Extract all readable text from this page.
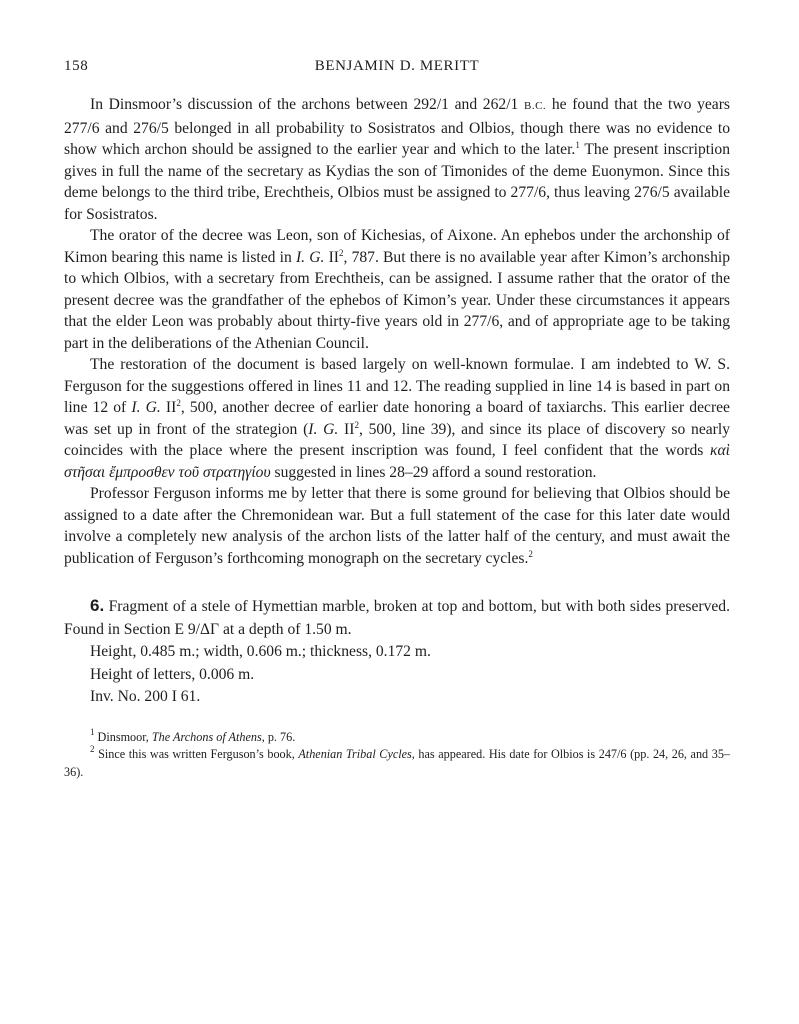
158	BENJAMIN D. MERITT

In Dinsmoor’s discussion of the archons between 292/1 and 262/1 B.C. he found that the two years 277/6 and 276/5 belonged in all probability to Sosistratos and Olbios, though there was no evidence to show which archon should be assigned to the earlier year and which to the later.$^1$ The present inscription gives in full the name of the secretary as Kydias the son of Timonides of the deme Euonymon. Since this deme belongs to the third tribe, Erechtheis, Olbios must be assigned to 277/6, thus leaving 276/5 available for Sosistratos.

The orator of the decree was Leon, son of Kichesias, of Aixone. An ephebos under the archonship of Kimon bearing this name is listed in I. G. $II^2$, 787. But there is no available year after Kimon’s archonship to which Olbios, with a secretary from Erechtheis, can be assigned. I assume rather that the orator of the present decree was the grandfather of the ephebos of Kimon’s year. Under these circumstances it appears that the elder Leon was probably about thirty-five years old in 277/6, and of appropriate age to be taking part in the deliberations of the Athenian Council.

The restoration of the document is based largely on well-known formulae. I am indebted to W. S. Ferguson for the suggestions offered in lines 11 and 12. The reading supplied in line 14 is based in part on line 12 of I. G. $II^2$, 500, another decree of earlier date honoring a board of taxiarchs. This earlier decree was set up in front of the strategion (I. G. $II^2$, 500, line 39), and since its place of discovery so nearly coincides with the place where the present inscription was found, I feel confident that the words καὶ στῆσαι ἔμπροσθεν τοῦ στρατηγίου suggested in lines 28–29 afford a sound restoration.

Professor Ferguson informs me by letter that there is some ground for believing that Olbios should be assigned to a date after the Chremonidean war. But a full statement of the case for this later date would involve a completely new analysis of the archon lists of the latter half of the century, and must await the publication of Ferguson’s forthcoming monograph on the secretary cycles.$^2$

6. Fragment of a stele of Hymettian marble, broken at top and bottom, but with both sides preserved. Found in Section E 9/ΔΓ at a depth of 1.50 m.

Height, 0.485 m.; width, 0.606 m.; thickness, 0.172 m.

Height of letters, 0.006 m.

Inv. No. 200 I 61.

$^1$ Dinsmoor, The Archons of Athens, p. 76.

$^2$ Since this was written Ferguson’s book, Athenian Tribal Cycles, has appeared. His date for Olbios is 247/6 (pp. 24, 26, and 35–36).
